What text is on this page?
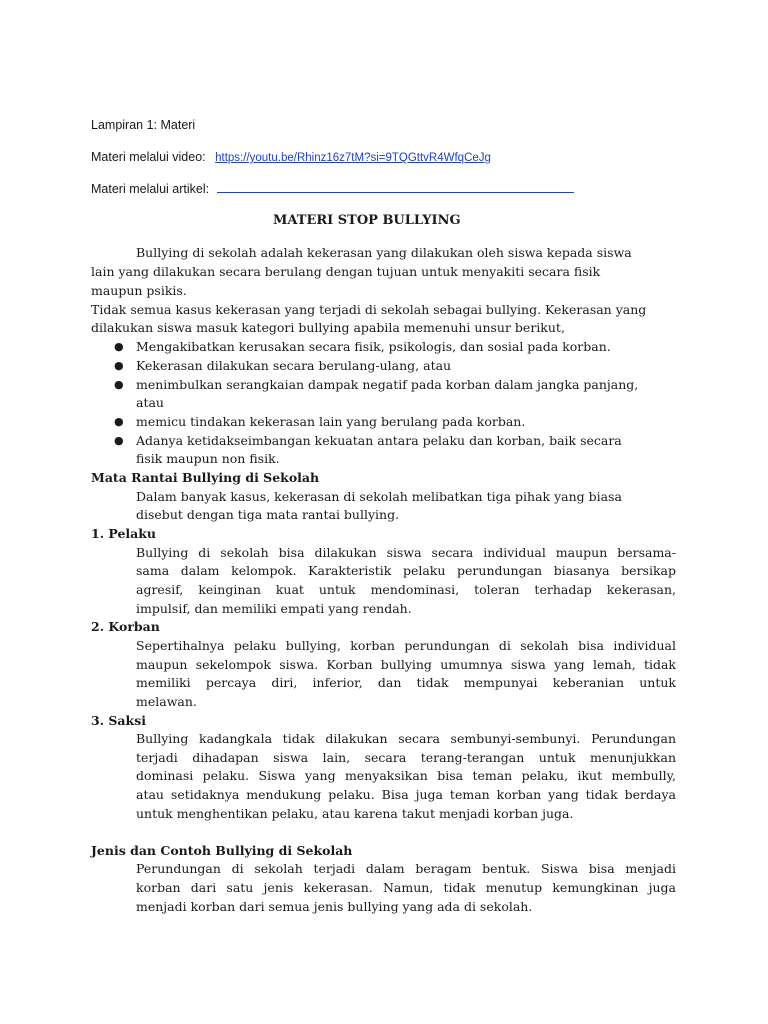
Lampiran 1: Materi
Materi melalui video: https://youtu.be/Rhinz16z7tM?si=9TQGttvR4WfqCeJg
Materi melalui artikel:
MATERI STOP BULLYING
Bullying di sekolah adalah kekerasan yang dilakukan oleh siswa kepada siswa
lain yang dilakukan secara berulang dengan tujuan untuk menyakiti secara fisik
maupun psikis.
Tidak semua kasus kekerasan yang terjadi di sekolah sebagai bullying. Kekerasan yang
dilakukan siswa masuk kategori bullying apabila memenuhi unsur berikut,
● Mengakibatkan kerusakan secara fisik, psikologis, dan sosial pada korban.
● Kekerasan dilakukan secara berulang-ulang, atau
● menimbulkan serangkaian dampak negatif pada korban dalam jangka panjang,
atau
● memicu tindakan kekerasan lain yang berulang pada korban.
● Adanya ketidakseimbangan kekuatan antara pelaku dan korban, baik secara
fisik maupun non fisik.
Mata Rantai Bullying di Sekolah
Dalam banyak kasus, kekerasan di sekolah melibatkan tiga pihak yang biasa
disebut dengan tiga mata rantai bullying.
1. Pelaku
Bullying di sekolah bisa dilakukan siswa secara individual maupun bersama-
sama dalam kelompok. Karakteristik pelaku perundungan biasanya bersikap
agresif, keinginan kuat untuk mendominasi, toleran terhadap kekerasan,
impulsif, dan memiliki empati yang rendah.
2. Korban
Sepertihalnya pelaku bullying, korban perundungan di sekolah bisa individual
maupun sekelompok siswa. Korban bullying umumnya siswa yang lemah, tidak
memiliki percaya diri, inferior, dan tidak mempunyai keberanian untuk
melawan.
3. Saksi
Bullying kadangkala tidak dilakukan secara sembunyi-sembunyi. Perundungan
terjadi dihadapan siswa lain, secara terang-terangan untuk menunjukkan
dominasi pelaku. Siswa yang menyaksikan bisa teman pelaku, ikut membully,
atau setidaknya mendukung pelaku. Bisa juga teman korban yang tidak berdaya
untuk menghentikan pelaku, atau karena takut menjadi korban juga.
Jenis dan Contoh Bullying di Sekolah
Perundungan di sekolah terjadi dalam beragam bentuk. Siswa bisa menjadi
korban dari satu jenis kekerasan. Namun, tidak menutup kemungkinan juga
menjadi korban dari semua jenis bullying yang ada di sekolah.
